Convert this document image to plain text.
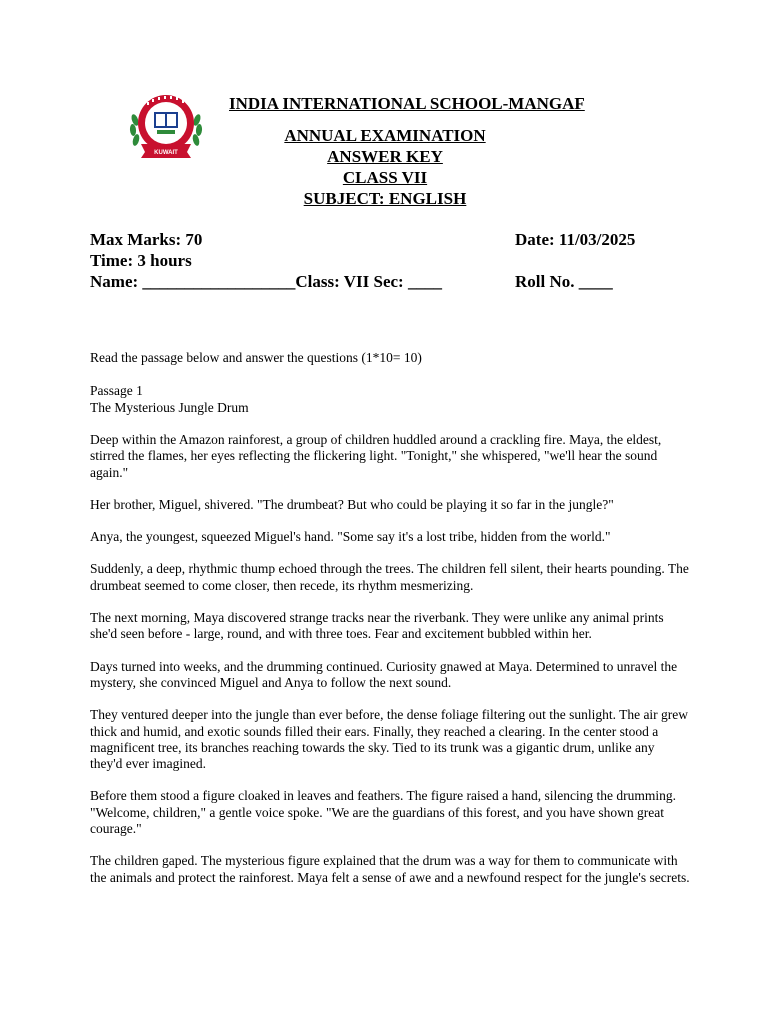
KUWAIT
INDIA INTERNATIONAL SCHOOL-MANGAF
ANNUAL EXAMINATION
ANSWER KEY
CLASS VII
SUBJECT: ENGLISH
Max Marks: 70
Time: 3 hours
Name: __________________Class: VII Sec: ____
Date: 11/03/2025
Roll No. ____
Read the passage below and answer the questions (1*10= 10)
Passage 1
The Mysterious Jungle Drum

Deep within the Amazon rainforest, a group of children huddled around a crackling fire. Maya, the eldest, stirred the flames, her eyes reflecting the flickering light. "Tonight," she whispered, "we'll hear the sound again."

Her brother, Miguel, shivered. "The drumbeat? But who could be playing it so far in the jungle?"

Anya, the youngest, squeezed Miguel's hand. "Some say it's a lost tribe, hidden from the world."

Suddenly, a deep, rhythmic thump echoed through the trees. The children fell silent, their hearts pounding. The drumbeat seemed to come closer, then recede, its rhythm mesmerizing.

The next morning, Maya discovered strange tracks near the riverbank. They were unlike any animal prints she'd seen before - large, round, and with three toes. Fear and excitement bubbled within her.

Days turned into weeks, and the drumming continued. Curiosity gnawed at Maya. Determined to unravel the mystery, she convinced Miguel and Anya to follow the next sound.

They ventured deeper into the jungle than ever before, the dense foliage filtering out the sunlight. The air grew thick and humid, and exotic sounds filled their ears. Finally, they reached a clearing. In the center stood a magnificent tree, its branches reaching towards the sky. Tied to its trunk was a gigantic drum, unlike any they'd ever imagined.

Before them stood a figure cloaked in leaves and feathers. The figure raised a hand, silencing the drumming. "Welcome, children," a gentle voice spoke. "We are the guardians of this forest, and you have shown great courage."

The children gaped. The mysterious figure explained that the drum was a way for them to communicate with the animals and protect the rainforest. Maya felt a sense of awe and a newfound respect for the jungle's secrets.
